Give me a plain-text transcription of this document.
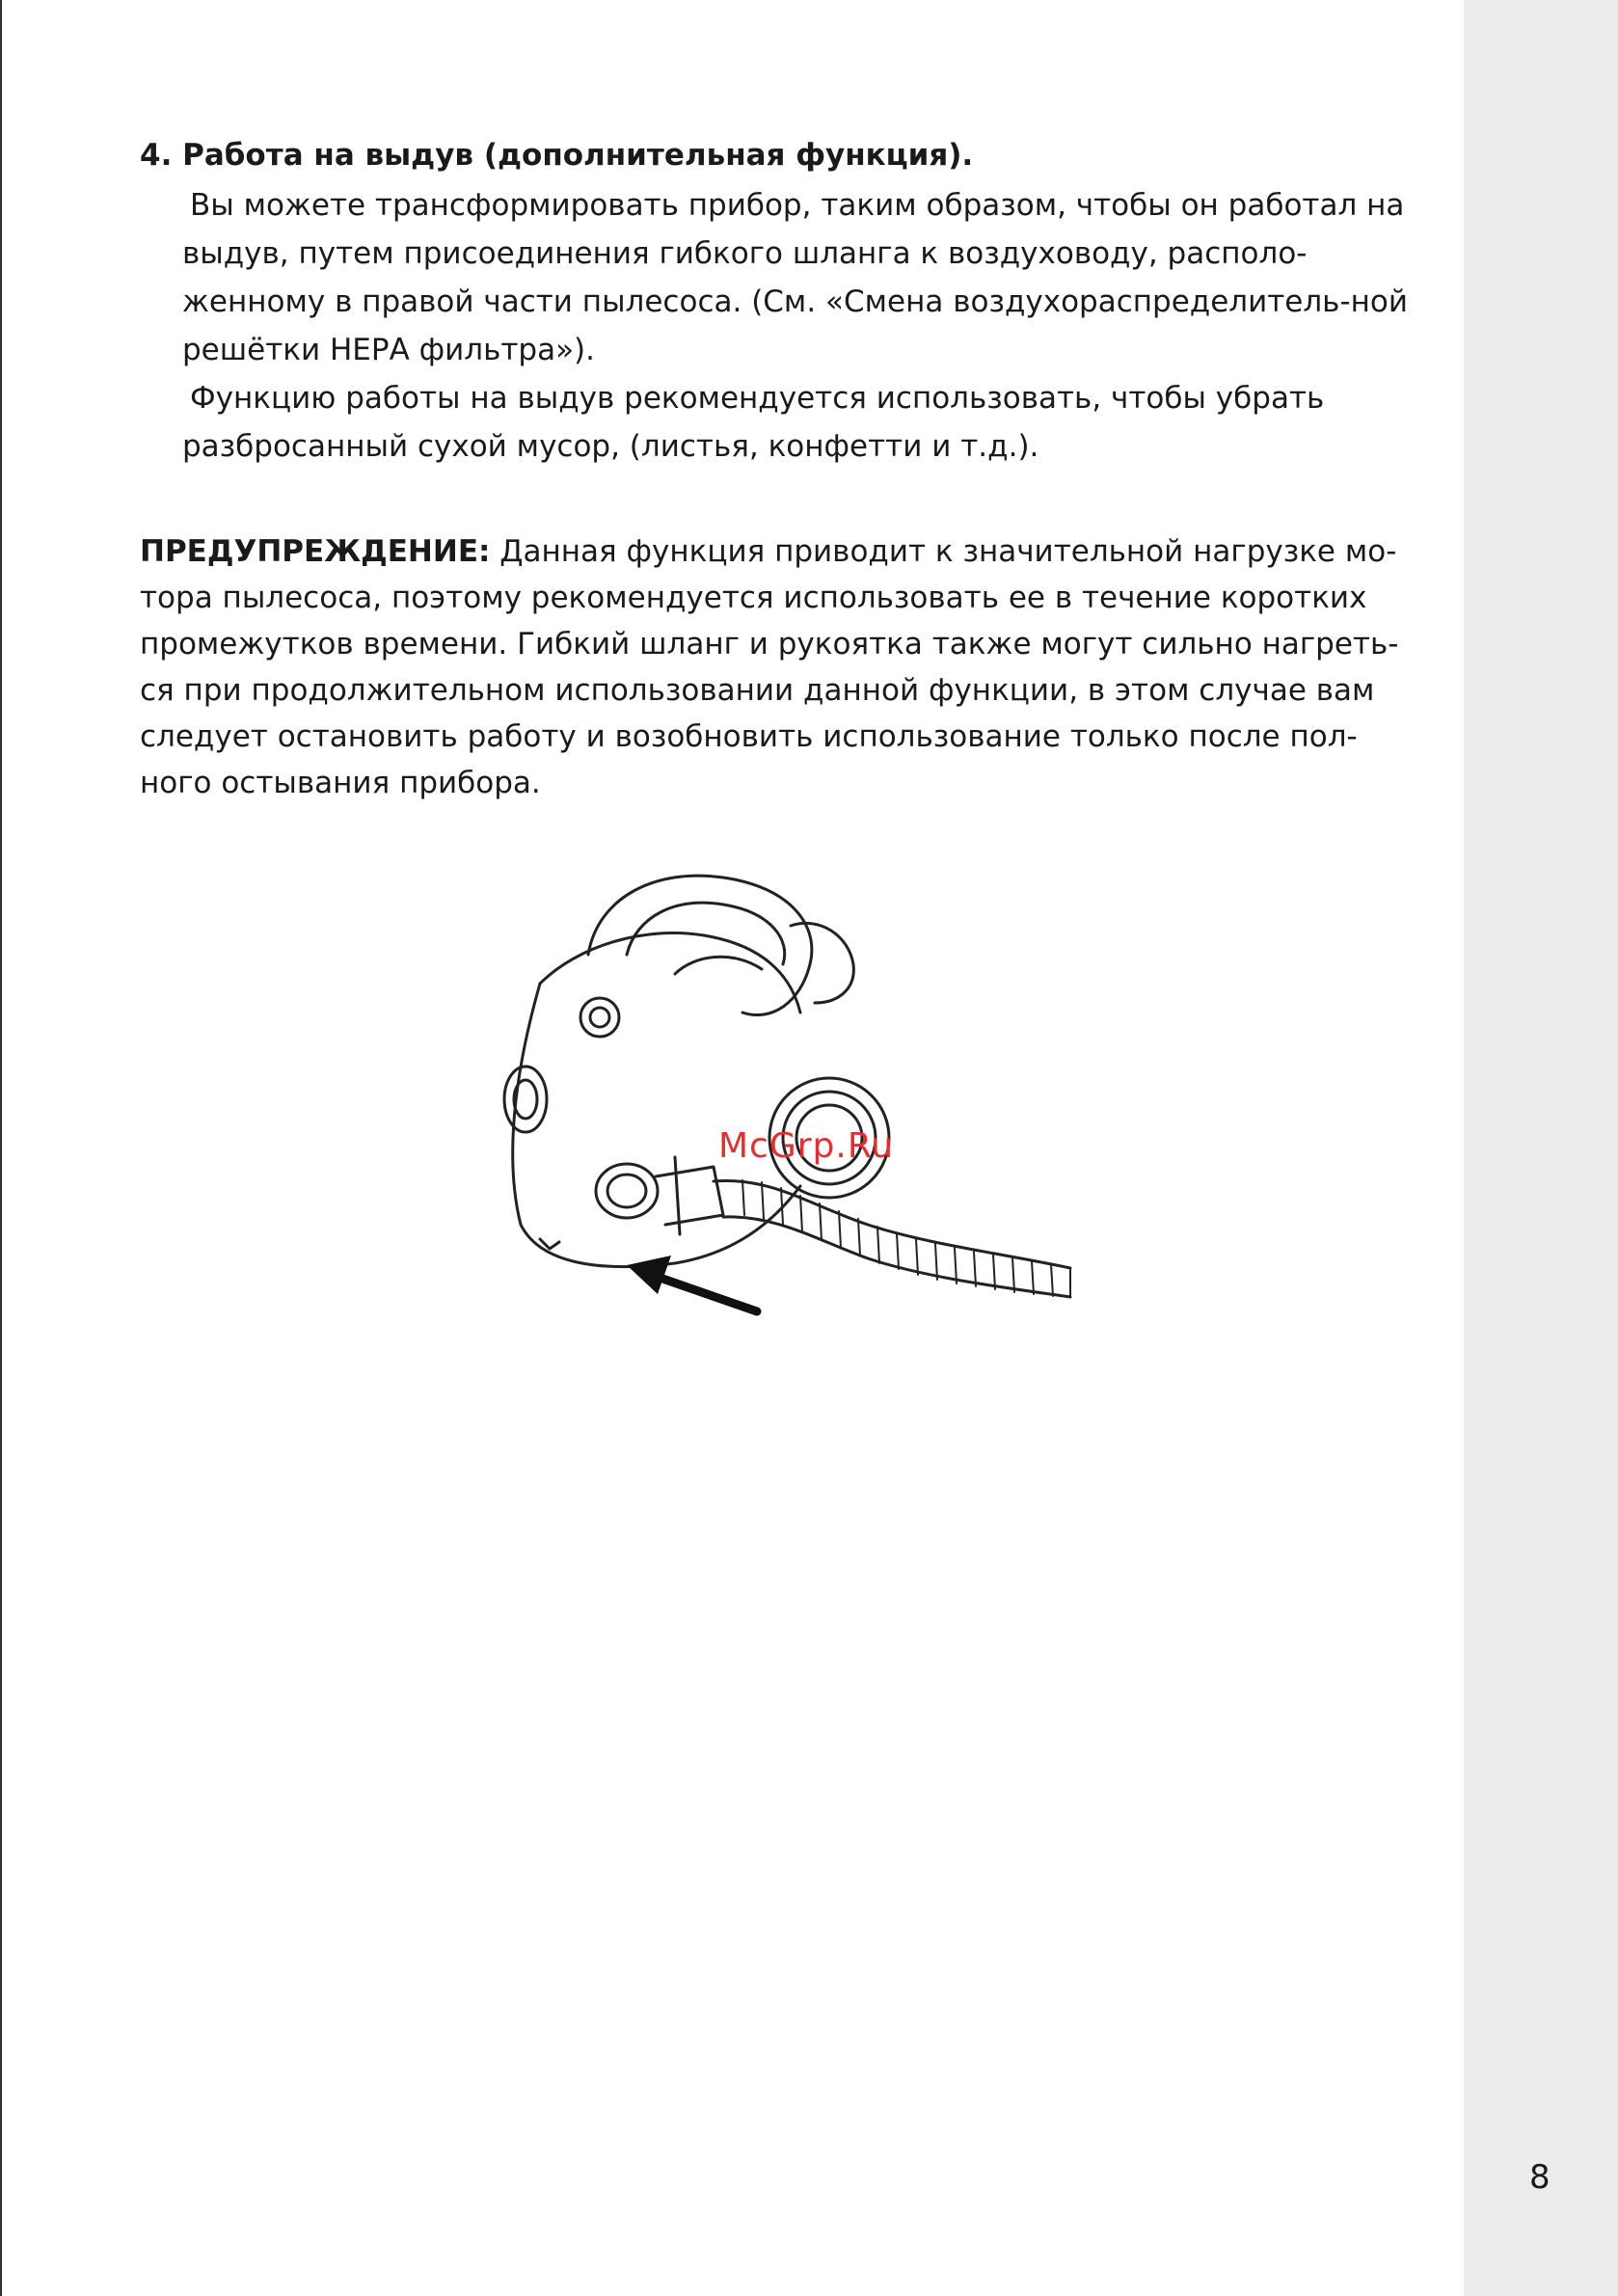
4. Работа на выдув (дополнительная функция).

Вы можете трансформировать прибор, таким образом, чтобы он работал на выдув, путем присоединения гибкого шланга к воздуховоду, располо-женному в правой части пылесоса. (См. «Смена воздухораспределитель-ной решётки НЕРА фильтра»).

Функцию работы на выдув рекомендуется использовать, чтобы убрать разбросанный сухой мусор, (листья, конфетти и т.д.).

ПРЕДУПРЕЖДЕНИЕ: Данная функция приводит к значительной нагрузке мо-тора пылесоса, поэтому рекомендуется использовать ее в течение коротких промежутков времени. Гибкий шланг и рукоятка также могут сильно нагреть-ся при продолжительном использовании данной функции, в этом случае вам следует остановить работу и возобновить использование только после пол-ного остывания прибора.

McGrp.Ru
8
